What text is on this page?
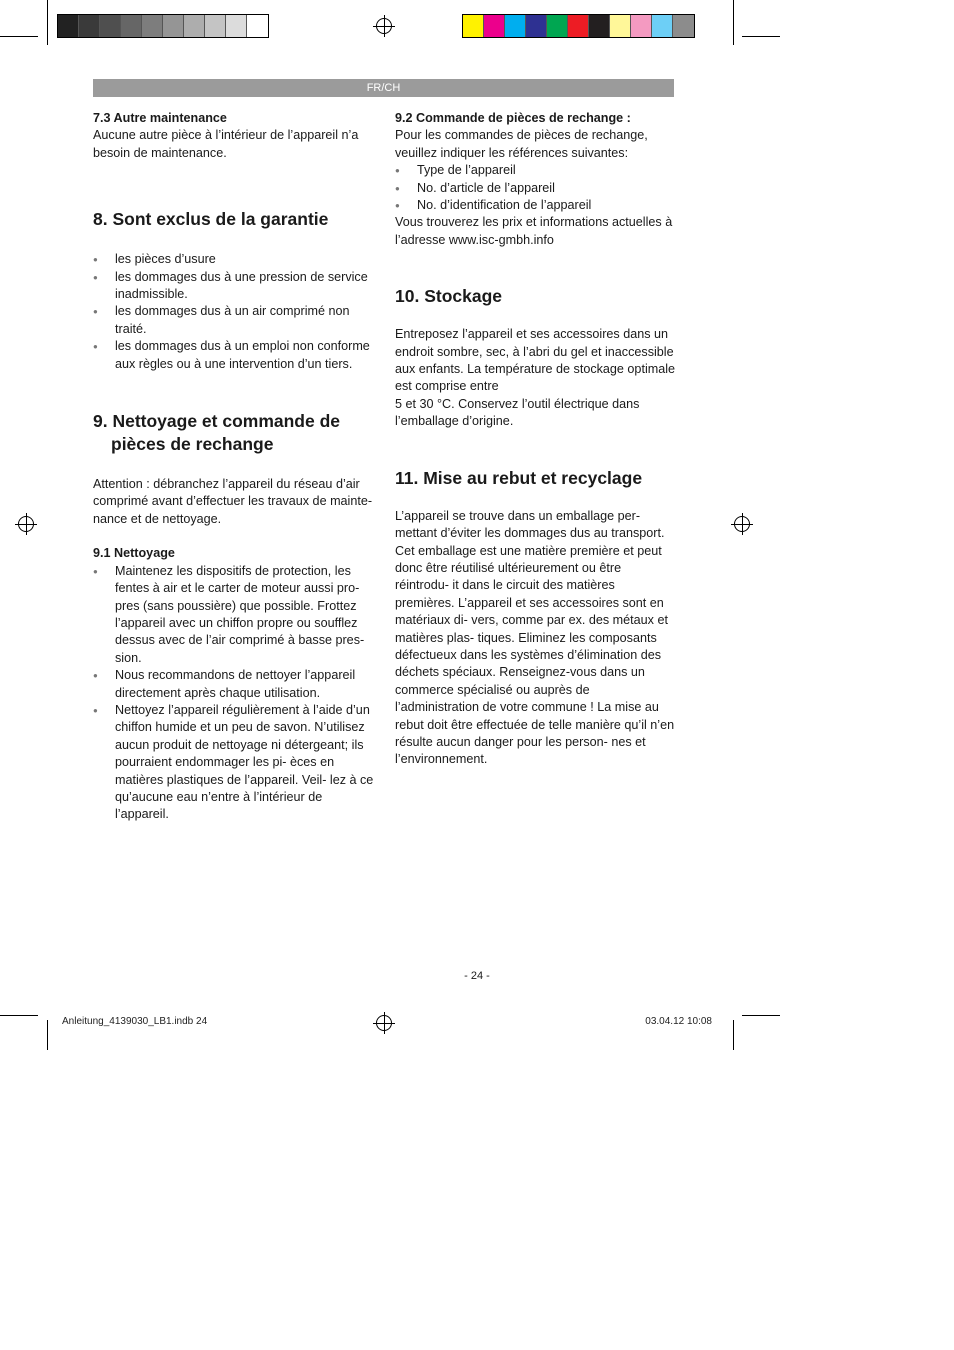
FR/CH
7.3 Autre maintenance

Aucune autre pièce à l’intérieur de l’appareil n’a besoin de maintenance.

8. Sont exclus de la garantie
● les pièces d’usure
● les dommages dus à une pression de service inadmissible.
● les dommages dus à un air comprimé non traité.
● les dommages dus à un emploi non conforme aux règles ou à une intervention d’un tiers.
9. Nettoyage et commande de pièces de rechange

Attention : débranchez l’appareil du réseau d’air comprimé avant d’effectuer les travaux de mainte- nance et de nettoyage.

9.1 Nettoyage
● Maintenez les dispositifs de protection, les fentes à air et le carter de moteur aussi pro- pres (sans poussière) que possible. Frottez l’appareil avec un chiffon propre ou soufflez dessus avec de l’air comprimé à basse pres- sion.
● Nous recommandons de nettoyer l’appareil directement après chaque utilisation.
● Nettoyez l’appareil régulièrement à l’aide d’un chiffon humide et un peu de savon. N’utilisez aucun produit de nettoyage ni détergeant; ils pourraient endommager les pi- èces en matières plastiques de l’appareil. Veil- lez à ce qu’aucune eau n’entre à l’intérieur de l’appareil.
9.2 Commande de pièces de rechange :

Pour les commandes de pièces de rechange, veuillez indiquer les références suivantes:

● Type de l’appareil
● No. d’article de l’appareil
● No. d’identification de l’appareil

Vous trouverez les prix et informations actuelles à l’adresse www.isc-gmbh.info

10. Stockage

Entreposez l’appareil et ses accessoires dans un endroit sombre, sec, à l’abri du gel et inaccessible aux enfants. La température de stockage optimale est comprise entre

5 et 30 °C. Conservez l’outil électrique dans l’emballage d’origine.

11. Mise au rebut et recyclage

L’appareil se trouve dans un emballage per- mettant d’éviter les dommages dus au transport. Cet emballage est une matière première et peut donc être réutilisé ultérieurement ou être réintrodu- it dans le circuit des matières premières. L’appareil et ses accessoires sont en matériaux di- vers, comme par ex. des métaux et matières plas- tiques. Eliminez les composants défectueux dans les systèmes d’élimination des déchets spéciaux. Renseignez-vous dans un commerce spécialisé ou auprès de l’administration de votre commune ! La mise au rebut doit être effectuée de telle manière qu’il n’en résulte aucun danger pour les person- nes et l’environnement.

- 24 -
Anleitung_4139030_LB1.indb 24	03.04.12 10:08
